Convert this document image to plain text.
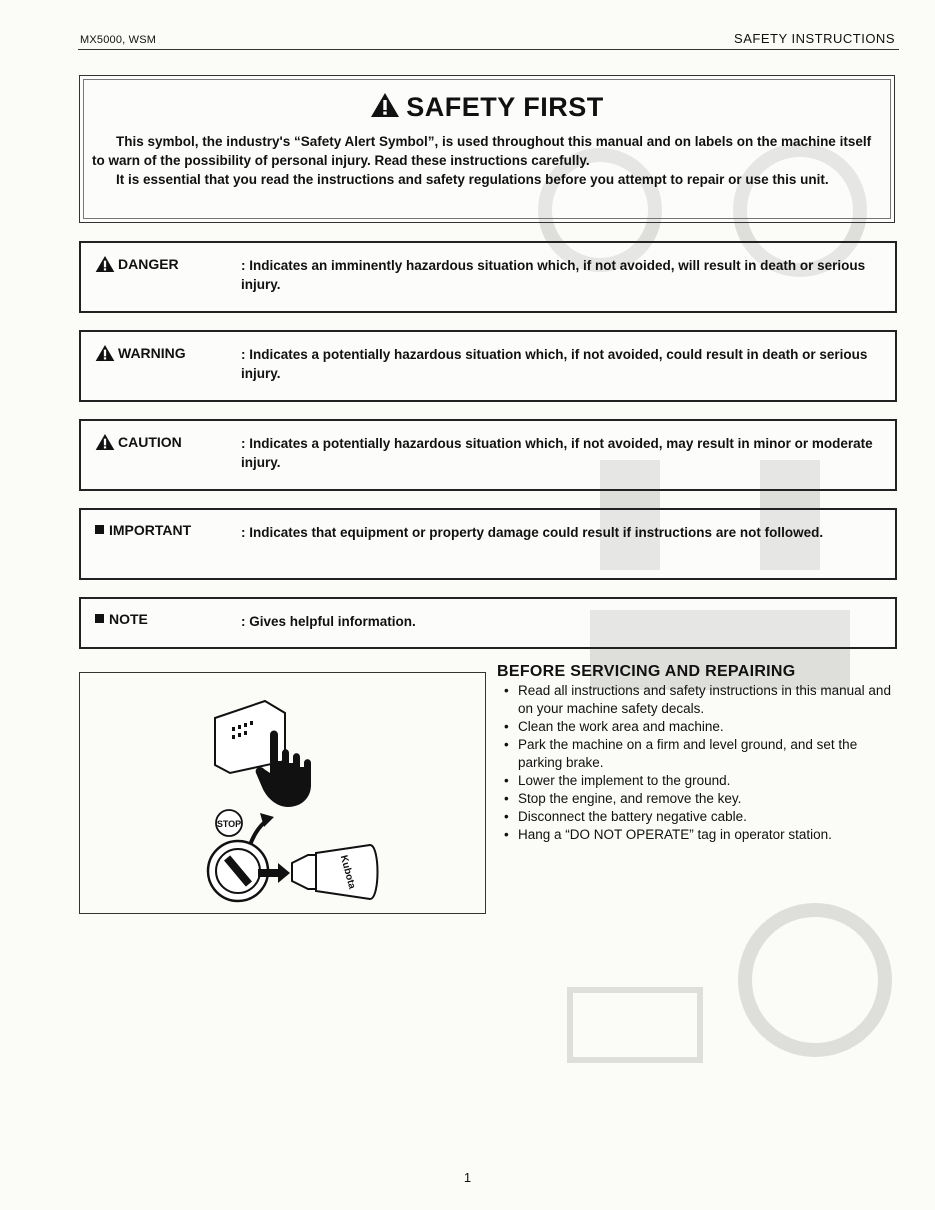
MX5000, WSM	SAFETY INSTRUCTIONS
SAFETY FIRST

This symbol, the industry's “Safety Alert Symbol”, is used throughout this manual and on labels on the machine itself to warn of the possibility of personal injury. Read these instructions carefully.

It is essential that you read the instructions and safety regulations before you attempt to repair or use this unit.

DANGER	: Indicates an imminently hazardous situation which, if not avoided, will result in death or serious injury.
WARNING	: Indicates a potentially hazardous situation which, if not avoided, could result in death or serious injury.
CAUTION	: Indicates a potentially hazardous situation which, if not avoided, may result in minor or moderate injury.
IMPORTANT	: Indicates that equipment or property damage could result if instructions are not followed.
NOTE	: Gives helpful information.
STOP
Kubota
BEFORE SERVICING AND REPAIRING
• Read all instructions and safety instructions in this manual and on your machine safety decals.
• Clean the work area and machine.
• Park the machine on a firm and level ground, and set the parking brake.
• Lower the implement to the ground.
• Stop the engine, and remove the key.
• Disconnect the battery negative cable.
• Hang a “DO NOT OPERATE” tag in operator station.
1
